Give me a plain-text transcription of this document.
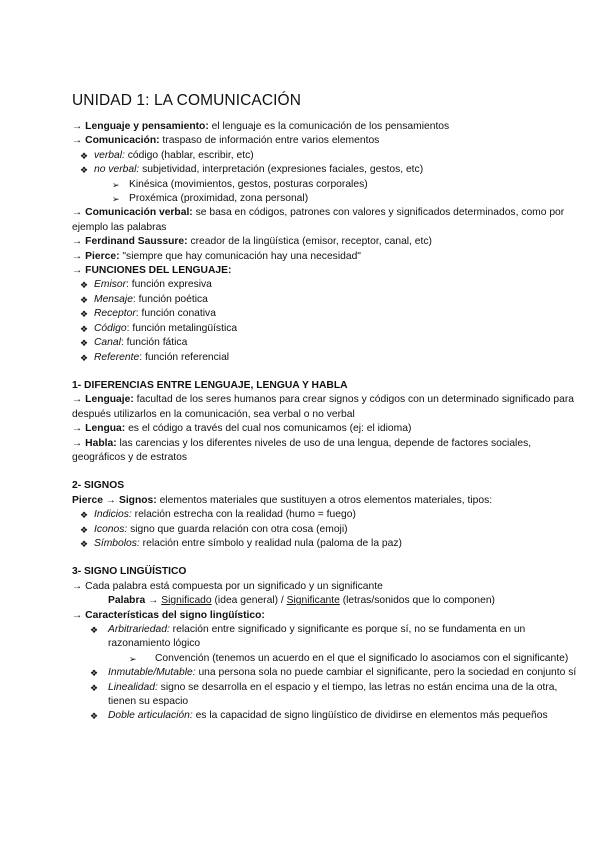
UNIDAD 1: LA COMUNICACIÓN

→ Lenguaje y pensamiento: el lenguaje es la comunicación de los pensamientos

→ Comunicación: traspaso de información entre varios elementos

❖ verbal: código (hablar, escribir, etc)

❖ no verbal: subjetividad, interpretación (expresiones faciales, gestos, etc)

➢ Kinésica (movimientos, gestos, posturas corporales)

➢ Proxémica (proximidad, zona personal)

→ Comunicación verbal: se basa en códigos, patrones con valores y significados determinados, como por ejemplo las palabras

→ Ferdinand Saussure: creador de la lingüística (emisor, receptor, canal, etc)

→ Pierce: "siempre que hay comunicación hay una necesidad"

→ FUNCIONES DEL LENGUAJE:

❖ Emisor: función expresiva

❖ Mensaje: función poética

❖ Receptor: función conativa

❖ Código: función metalingüística

❖ Canal: función fática

❖ Referente: función referencial

1- DIFERENCIAS ENTRE LENGUAJE, LENGUA Y HABLA

→ Lenguaje: facultad de los seres humanos para crear signos y códigos con un determinado significado para después utilizarlos en la comunicación, sea verbal o no verbal

→ Lengua: es el código a través del cual nos comunicamos (ej: el idioma)

→ Habla: las carencias y los diferentes niveles de uso de una lengua, depende de factores sociales, geográficos y de estratos

2- SIGNOS

Pierce → Signos: elementos materiales que sustituyen a otros elementos materiales, tipos:

❖ Indicios: relación estrecha con la realidad (humo = fuego)

❖ Iconos: signo que guarda relación con otra cosa (emoji)

❖ Símbolos: relación entre símbolo y realidad nula (paloma de la paz)

3- SIGNO LINGÜÍSTICO

→ Cada palabra está compuesta por un significado y un significante

Palabra → Significado (idea general) / Significante (letras/sonidos que lo componen)

→ Características del signo lingüístico:

❖ Arbitrariedad: relación entre significado y significante es porque sí, no se fundamenta en un razonamiento lógico

➢ Convención (tenemos un acuerdo en el que el significado lo asociamos con el significante)

❖ Inmutable/Mutable: una persona sola no puede cambiar el significante, pero la sociedad en conjunto sí

❖ Linealidad: signo se desarrolla en el espacio y el tiempo, las letras no están encima una de la otra, tienen su espacio

❖ Doble articulación: es la capacidad de signo lingüístico de dividirse en elementos más pequeños
